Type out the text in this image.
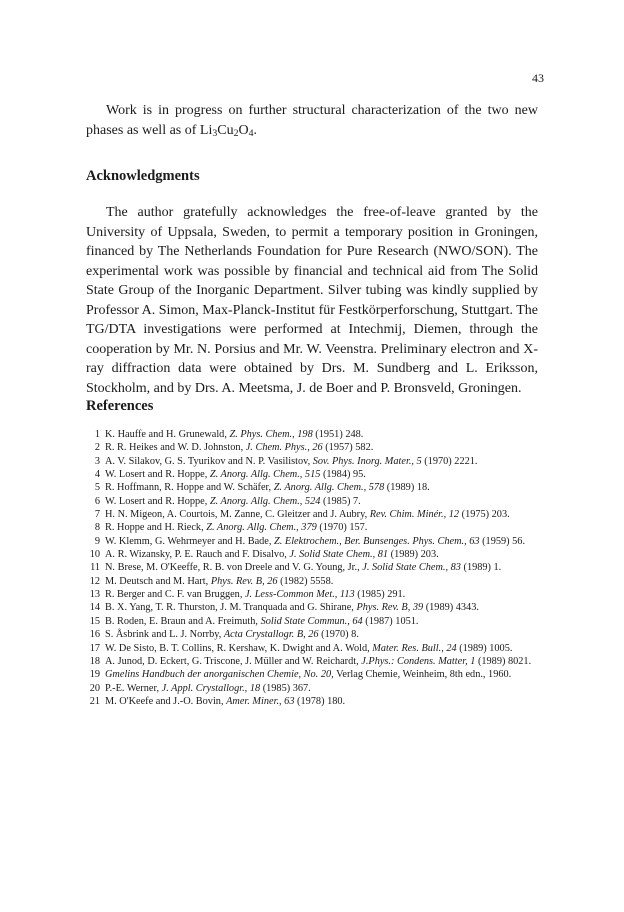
43

Work is in progress on further structural characterization of the two new phases as well as of $Li_3Cu_2O_4$.

Acknowledgments

The author gratefully acknowledges the free-of-leave granted by the University of Uppsala, Sweden, to permit a temporary position in Groningen, financed by The Netherlands Foundation for Pure Research (NWO/SON). The experimental work was possible by financial and technical aid from The Solid State Group of the Inorganic Department. Silver tubing was kindly supplied by Professor A. Simon, Max-Planck-Institut für Festkörperforschung, Stuttgart. The TG/DTA investigations were performed at Intechmij, Diemen, through the cooperation by Mr. N. Porsius and Mr. W. Veenstra. Preliminary electron and X-ray diffraction data were obtained by Drs. M. Sundberg and L. Eriksson, Stockholm, and by Drs. A. Meetsma, J. de Boer and P. Bronsveld, Groningen.

References
1 K. Hauffe and H. Grunewald, Z. Phys. Chem., 198 (1951) 248.
2 R. R. Heikes and W. D. Johnston, J. Chem. Phys., 26 (1957) 582.
3 A. V. Silakov, G. S. Tyurikov and N. P. Vasilistov, Sov. Phys. Inorg. Mater., 5 (1970) 2221.
4 W. Losert and R. Hoppe, Z. Anorg. Allg. Chem., 515 (1984) 95.
5 R. Hoffmann, R. Hoppe and W. Schäfer, Z. Anorg. Allg. Chem., 578 (1989) 18.
6 W. Losert and R. Hoppe, Z. Anorg. Allg. Chem., 524 (1985) 7.
7 H. N. Migeon, A. Courtois, M. Zanne, C. Gleitzer and J. Aubry, Rev. Chim. Minér., 12 (1975) 203.
8 R. Hoppe and H. Rieck, Z. Anorg. Allg. Chem., 379 (1970) 157.
9 W. Klemm, G. Wehrmeyer and H. Bade, Z. Elektrochem., Ber. Bunsenges. Phys. Chem., 63 (1959) 56.
10 A. R. Wizansky, P. E. Rauch and F. Disalvo, J. Solid State Chem., 81 (1989) 203.
11 N. Brese, M. O'Keeffe, R. B. von Dreele and V. G. Young, Jr., J. Solid State Chem., 83 (1989) 1.
12 M. Deutsch and M. Hart, Phys. Rev. B, 26 (1982) 5558.
13 R. Berger and C. F. van Bruggen, J. Less-Common Met., 113 (1985) 291.
14 B. X. Yang, T. R. Thurston, J. M. Tranquada and G. Shirane, Phys. Rev. B, 39 (1989) 4343.
15 B. Roden, E. Braun and A. Freimuth, Solid State Commun., 64 (1987) 1051.
16 S. Åsbrink and L. J. Norrby, Acta Crystallogr. B, 26 (1970) 8.
17 W. De Sisto, B. T. Collins, R. Kershaw, K. Dwight and A. Wold, Mater. Res. Bull., 24 (1989) 1005.
18 A. Junod, D. Eckert, G. Triscone, J. Müller and W. Reichardt, J.Phys.: Condens. Matter, 1 (1989) 8021.
19 Gmelins Handbuch der anorganischen Chemie, No. 20, Verlag Chemie, Weinheim, 8th edn., 1960.
20 P.-E. Werner, J. Appl. Crystallogr., 18 (1985) 367.
21 M. O'Keefe and J.-O. Bovin, Amer. Miner., 63 (1978) 180.
